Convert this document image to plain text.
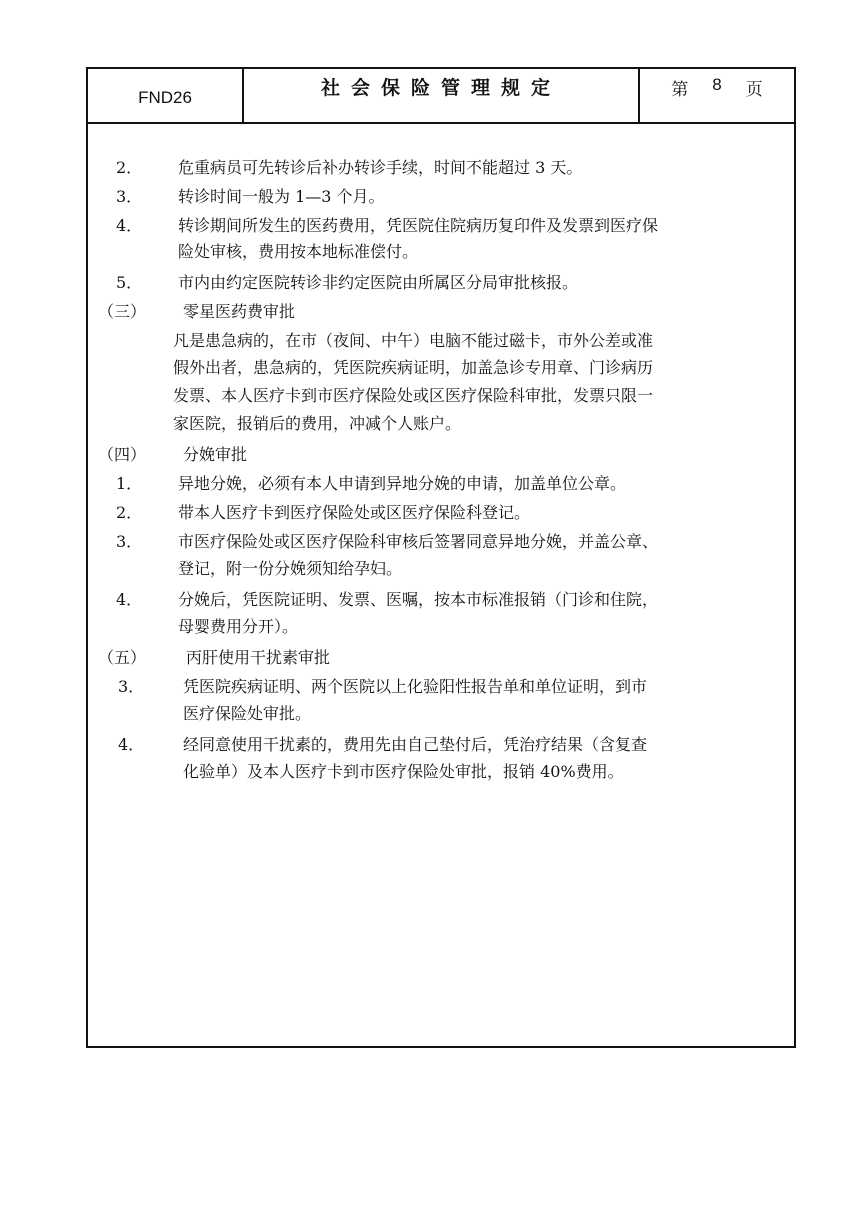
FND26	社会保险管理规定	第 8 页
2． 危重病员可先转诊后补办转诊手续，时间不能超过 3 天。
3． 转诊时间一般为 1—3 个月。
4． 转诊期间所发生的医药费用，凭医院住院病历复印件及发票到医疗保
险处审核，费用按本地标准偿付。
5． 市内由约定医院转诊非约定医院由所属区分局审批核报。
（三） 零星医药费审批
凡是患急病的，在市（夜间、中午）电脑不能过磁卡，市外公差或准
假外出者，患急病的，凭医院疾病证明，加盖急诊专用章、门诊病历
发票、本人医疗卡到市医疗保险处或区医疗保险科审批，发票只限一
家医院，报销后的费用，冲减个人账户。
（四） 分娩审批
1． 异地分娩，必须有本人申请到异地分娩的申请，加盖单位公章。
2． 带本人医疗卡到医疗保险处或区医疗保险科登记。
3． 市医疗保险处或区医疗保险科审核后签署同意异地分娩，并盖公章、
登记，附一份分娩须知给孕妇。
4． 分娩后，凭医院证明、发票、医嘱，按本市标准报销（门诊和住院，
母婴费用分开）。
（五） 丙肝使用干扰素审批
3． 凭医院疾病证明、两个医院以上化验阳性报告单和单位证明，到市
医疗保险处审批。
4． 经同意使用干扰素的，费用先由自己垫付后，凭治疗结果（含复查
化验单）及本人医疗卡到市医疗保险处审批，报销 40%费用。
